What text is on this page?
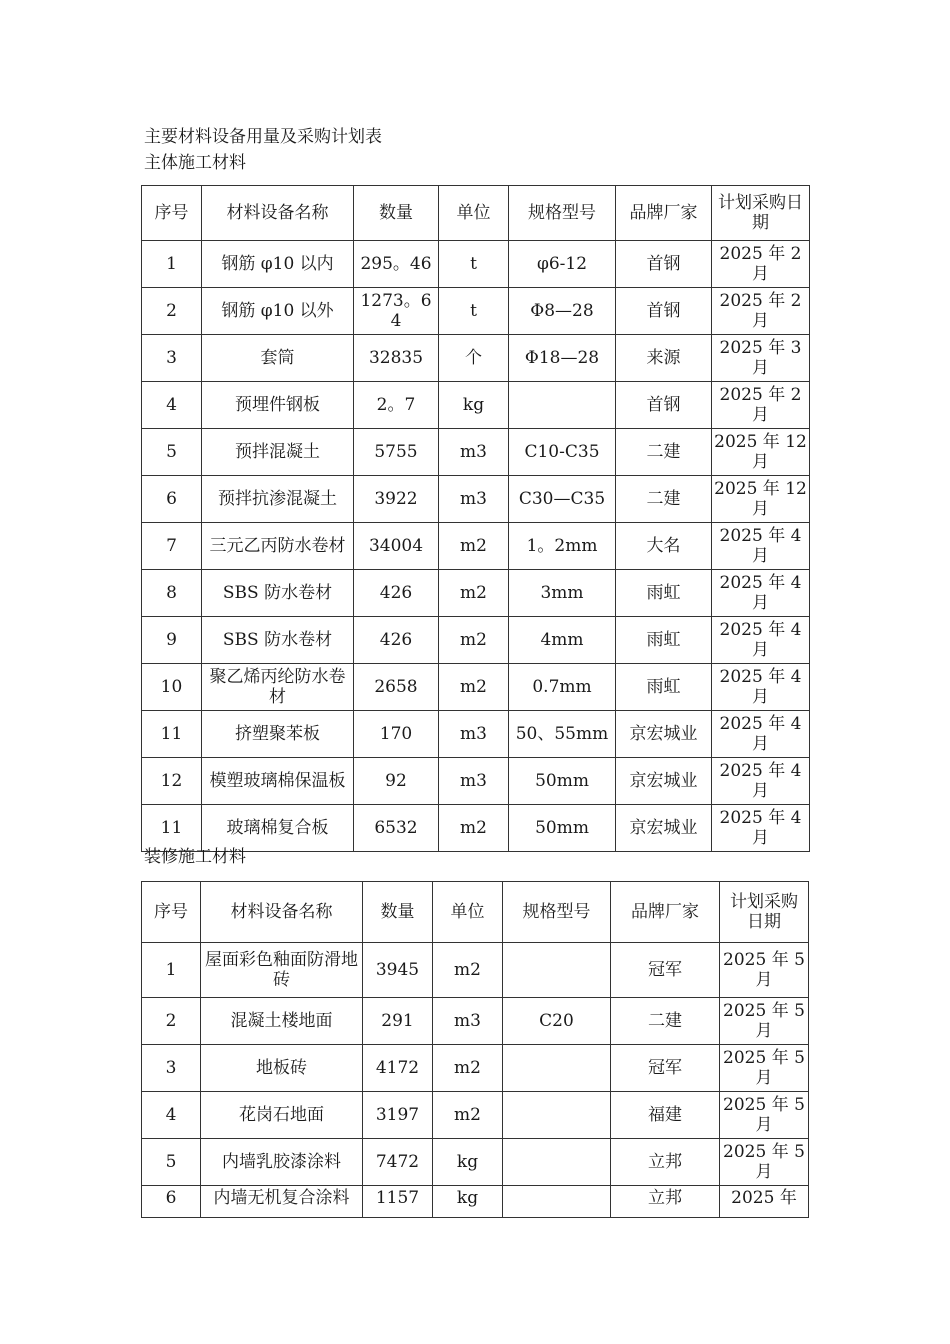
主要材料设备用量及采购计划表
主体施工材料
序号	材料设备名称	数量	单位	规格型号	品牌厂家	计划采购日期
1	钢筋 φ10 以内	295。46	t	φ6-12	首钢	2025 年 2 月
2	钢筋 φ10 以外	1273。64	t	Φ8—28	首钢	2025 年 2 月
3	套筒	32835	个	Φ18—28	来源	2025 年 3 月
4	预埋件钢板	2。7	kg		首钢	2025 年 2 月
5	预拌混凝土	5755	m3	C10-C35	二建	2025 年 12 月
6	预拌抗渗混凝土	3922	m3	C30—C35	二建	2025 年 12 月
7	三元乙丙防水卷材	34004	m2	1。2mm	大名	2025 年 4 月
8	SBS 防水卷材	426	m2	3mm	雨虹	2025 年 4 月
9	SBS 防水卷材	426	m2	4mm	雨虹	2025 年 4 月
10	聚乙烯丙纶防水卷材	2658	m2	0.7mm	雨虹	2025 年 4 月
11	挤塑聚苯板	170	m3	50、55mm	京宏城业	2025 年 4 月
12	模塑玻璃棉保温板	92	m3	50mm	京宏城业	2025 年 4 月
11	玻璃棉复合板	6532	m2	50mm	京宏城业	2025 年 4 月
装修施工材料
序号	材料设备名称	数量	单位	规格型号	品牌厂家	计划采购日期
1	屋面彩色釉面防滑地砖	3945	m2		冠军	2025 年 5 月
2	混凝土楼地面	291	m3	C20	二建	2025 年 5 月
3	地板砖	4172	m2		冠军	2025 年 5 月
4	花岗石地面	3197	m2		福建	2025 年 5 月
5	内墙乳胶漆涂料	7472	kg		立邦	2025 年 5 月
6	内墙无机复合涂料	1157	kg		立邦	2025 年
